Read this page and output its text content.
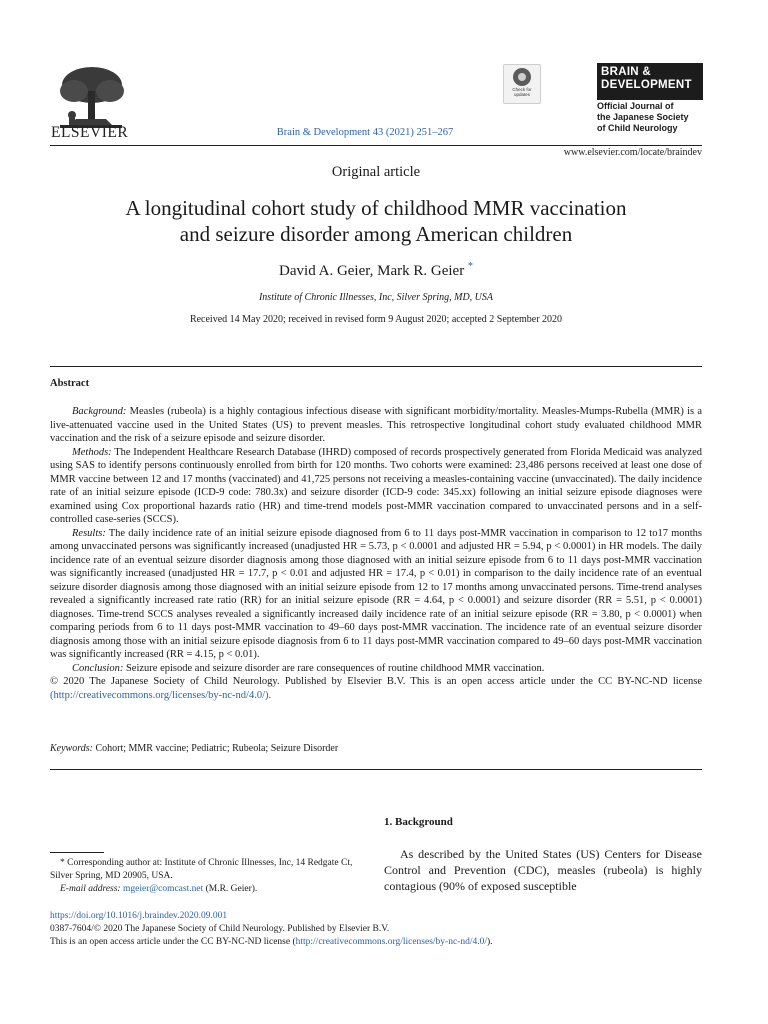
ELSEVIER	Brain & Development 43 (2021) 251–267
Check for updates
BRAIN &
DEVELOPMENT
Official Journal of
the Japanese Society
of Child Neurology
www.elsevier.com/locate/braindev
Original article
A longitudinal cohort study of childhood MMR vaccination
and seizure disorder among American children
David A. Geier, Mark R. Geier *
Institute of Chronic Illnesses, Inc, Silver Spring, MD, USA
Received 14 May 2020; received in revised form 9 August 2020; accepted 2 September 2020
Abstract

Background: Measles (rubeola) is a highly contagious infectious disease with significant morbidity/mortality. Measles-Mumps-Rubella (MMR) is a live-attenuated vaccine used in the United States (US) to prevent measles. This retrospective longitudinal cohort study evaluated childhood MMR vaccination and the risk of a seizure episode and seizure disorder.

Methods: The Independent Healthcare Research Database (IHRD) composed of records prospectively generated from Florida Medicaid was analyzed using SAS to identify persons continuously enrolled from birth for 120 months. Two cohorts were examined: 23,486 persons received at least one dose of MMR vaccine between 12 and 17 months (vaccinated) and 41,725 persons not receiving a measles-containing vaccine (unvaccinated). The daily incidence rate of an initial seizure episode (ICD-9 code: 780.3x) and seizure disorder (ICD-9 code: 345.xx) following an initial seizure episode diagnoses were examined using Cox proportional hazards ratio (HR) and time-trend models post-MMR vaccination compared to unvaccinated persons and in a self-controlled case-series (SCCS).

Results: The daily incidence rate of an initial seizure episode diagnosed from 6 to 11 days post-MMR vaccination in comparison to 12 to17 months among unvaccinated persons was significantly increased (unadjusted HR = 5.73, p < 0.0001 and adjusted HR = 5.94, p < 0.0001) in HR models. The daily incidence rate of an eventual seizure disorder diagnosis among those diagnosed with an initial seizure episode from 6 to 11 days post-MMR vaccination was significantly increased (unadjusted HR = 17.7, p < 0.01 and adjusted HR = 17.4, p < 0.01) in comparison to the daily incidence rate of an eventual seizure disorder diagnosis among those diagnosed with an initial seizure episode from 12 to 17 months among unvaccinated persons. Time-trend analyses revealed a significantly increased rate ratio (RR) for an initial seizure episode (RR = 4.64, p < 0.0001) and seizure disorder (RR = 5.51, p < 0.0001) diagnoses. Time-trend SCCS analyses revealed a significantly increased daily incidence rate of an initial seizure episode (RR = 3.80, p < 0.0001) when comparing periods from 6 to 11 days post-MMR vaccination to 49–60 days post-MMR vaccination. The incidence rate of an eventual seizure disorder diagnosis among those with an initial seizure episode diagnosis from 6 to 11 days post-MMR vaccination compared to 49–60 days post-MMR vaccination was significantly increased (RR = 4.15, p < 0.01).

Conclusion: Seizure episode and seizure disorder are rare consequences of routine childhood MMR vaccination.

© 2020 The Japanese Society of Child Neurology. Published by Elsevier B.V. This is an open access article under the CC BY-NC-ND license (http://creativecommons.org/licenses/by-nc-nd/4.0/).

Keywords: Cohort; MMR vaccine; Pediatric; Rubeola; Seizure Disorder
1. Background
As described by the United States (US) Centers for Disease Control and Prevention (CDC), measles (rubeola) is highly contagious (90% of exposed susceptible

* Corresponding author at: Institute of Chronic Illnesses, Inc, 14 Redgate Ct, Silver Spring, MD 20905, USA.

E-mail address: mgeier@comcast.net (M.R. Geier).

https://doi.org/10.1016/j.braindev.2020.09.001
0387-7604/© 2020 The Japanese Society of Child Neurology. Published by Elsevier B.V.
This is an open access article under the CC BY-NC-ND license (http://creativecommons.org/licenses/by-nc-nd/4.0/).
